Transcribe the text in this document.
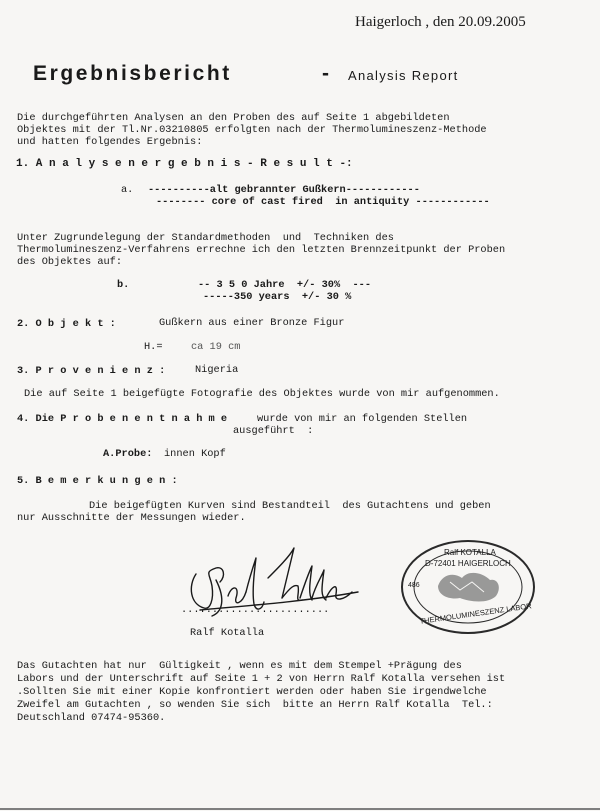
Haigerloch , den 20.09.2005
Ergebnisbericht	- Analysis Report
Die durchgeführten Analysen an den Proben des auf Seite 1 abgebildeten
Objektes mit der Tl.Nr.03210805 erfolgten nach der Thermolumineszenz-Methode
und hatten folgendes Ergebnis:
1. A n a l y s e n e r g e b n i s - R e s u l t -:
a. ----------alt gebrannter Gußkern------------
-------- core of cast fired  in antiquity ------------
Unter Zugrundelegung der Standardmethoden  und  Techniken des
Thermolumineszenz-Verfahrens errechne ich den letzten Brennzeitpunkt der Proben
des Objektes auf:
b.	-- 3 5 0 Jahre  +/- 30%  ---
-----350 years  +/- 30 %
2. O b j e k t :	Gußkern aus einer Bronze Figur
H.=	ca 19 cm
3. P r o v e n i e n z :	Nigeria
Die auf Seite 1 beigefügte Fotografie des Objektes wurde von mir aufgenommen.
4. Die P r o b e n e n t n a h m e	wurde von mir an folgenden Stellen
ausgeführt  :
A.Probe: innen Kopf
5. B e m e r k u n g e n :
Die beigefügten Kurven sind Bestandteil  des Gutachtens und geben
nur Ausschnitte der Messungen wieder.
........................
Ralf Kotalla
Ralf KOTALLA
D-72401 HAIGERLOCH
486
THERMOLUMINESZENZ LABOR
Das Gutachten hat nur  Gültigkeit , wenn es mit dem Stempel +Prägung des
Labors und der Unterschrift auf Seite 1 + 2 von Herrn Ralf Kotalla versehen ist
.Sollten Sie mit einer Kopie konfrontiert werden oder haben Sie irgendwelche
Zweifel am Gutachten , so wenden Sie sich  bitte an Herrn Ralf Kotalla  Tel.:
Deutschland 07474-95360.
